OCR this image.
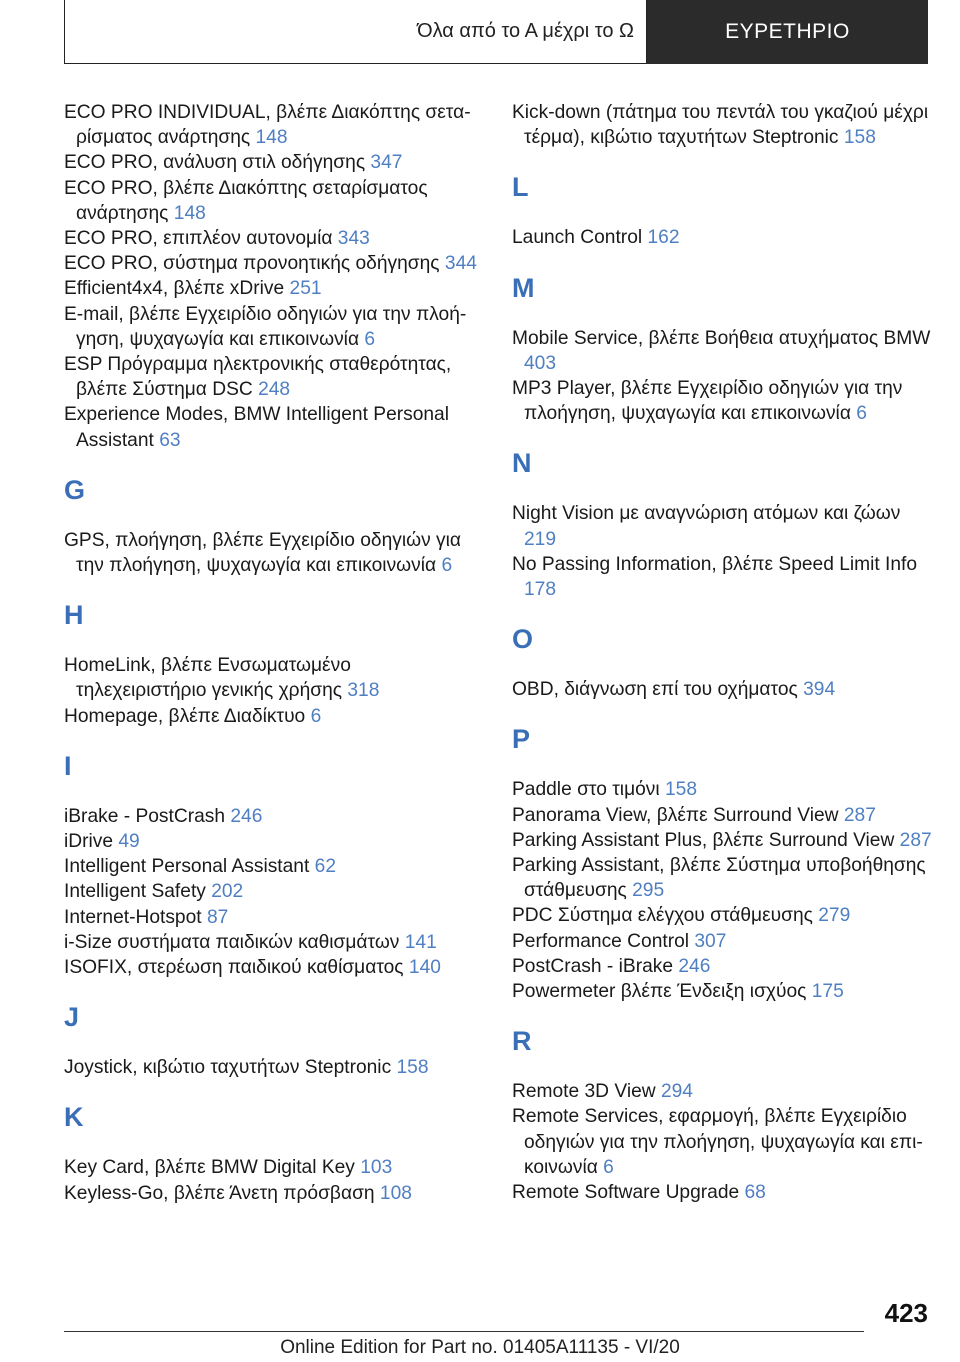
Όλα από το Α μέχρι το Ω	ΕΥΡΕΤΗΡΙΟ
ECO PRO INDIVIDUAL, βλέπε Διακόπτης σετα- ρίσματος ανάρτησης 148
ECO PRO, ανάλυση στιλ οδήγησης 347
ECO PRO, βλέπε Διακόπτης σεταρίσματος ανάρτησης 148
ECO PRO, επιπλέον αυτονομία 343
ECO PRO, σύστημα προνοητικής οδήγησης 344
Efficient4x4, βλέπε xDrive 251
E-mail, βλέπε Εγχειρίδιο οδηγιών για την πλοή- γηση, ψυχαγωγία και επικοινωνία 6
ESP Πρόγραμμα ηλεκτρονικής σταθερότητας, βλέπε Σύστημα DSC 248
Experience Modes, BMW Intelligent Personal Assistant 63
G
GPS, πλοήγηση, βλέπε Εγχειρίδιο οδηγιών για την πλοήγηση, ψυχαγωγία και επικοινωνία 6
H
HomeLink, βλέπε Ενσωματωμένο τηλεχειριστήριο γενικής χρήσης 318
Homepage, βλέπε Διαδίκτυο 6
I
iBrake - PostCrash 246
iDrive 49
Intelligent Personal Assistant 62
Intelligent Safety 202
Internet-Hotspot 87
i-Size συστήματα παιδικών καθισμάτων 141
ISOFIX, στερέωση παιδικού καθίσματος 140
J
Joystick, κιβώτιο ταχυτήτων Steptronic 158
K
Key Card, βλέπε BMW Digital Key 103
Keyless-Go, βλέπε Άνετη πρόσβαση 108
Kick-down (πάτημα του πεντάλ του γκαζιού μέχρι τέρμα), κιβώτιο ταχυτήτων Steptronic 158
L
Launch Control 162
M
Mobile Service, βλέπε Βοήθεια ατυχήματος BMW 403
MP3 Player, βλέπε Εγχειρίδιο οδηγιών για την πλοήγηση, ψυχαγωγία και επικοινωνία 6
N
Night Vision με αναγνώριση ατόμων και ζώων 219
No Passing Information, βλέπε Speed Limit Info 178
O
OBD, διάγνωση επί του οχήματος 394
P
Paddle στο τιμόνι 158
Panorama View, βλέπε Surround View 287
Parking Assistant Plus, βλέπε Surround View 287
Parking Assistant, βλέπε Σύστημα υποβοήθησης στάθμευσης 295
PDC Σύστημα ελέγχου στάθμευσης 279
Performance Control 307
PostCrash - iBrake 246
Powermeter βλέπε Ένδειξη ισχύος 175
R
Remote 3D View 294
Remote Services, εφαρμογή, βλέπε Εγχειρίδιο οδηγιών για την πλοήγηση, ψυχαγωγία και επι- κοινωνία 6
Remote Software Upgrade 68
423
Online Edition for Part no. 01405A11135 - VI/20
